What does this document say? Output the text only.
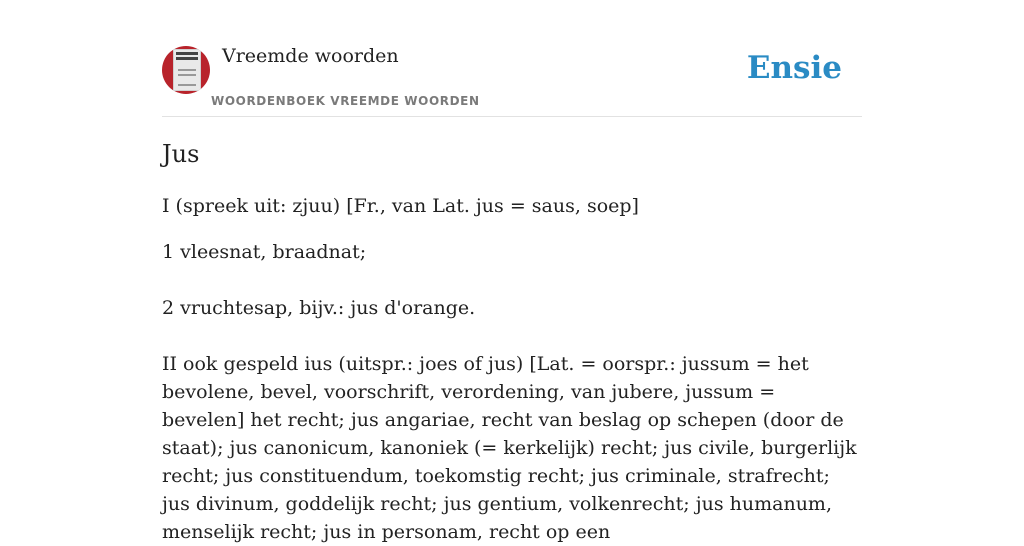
Vreemde woorden
WOORDENBOEK VREEMDE WOORDEN
Ensie
Jus

I (spreek uit: zjuu) [Fr., van Lat. jus = saus, soep]

1 vleesnat, braadnat;

2 vruchtesap, bijv.: jus d'orange.

II ook gespeld ius (uitspr.: joes of jus) [Lat. = oorspr.: jussum = het bevolene, bevel, voorschrift, verordening, van jubere, jussum = bevelen] het recht; jus angariae, recht van beslag op schepen (door de staat); jus canonicum, kanoniek (= kerkelijk) recht; jus civile, burgerlijk recht; jus constituendum, toekomstig recht; jus criminale, strafrecht; jus divinum, goddelijk recht; jus gentium, volkenrecht; jus humanum, menselijk recht; jus in personam, recht op een
